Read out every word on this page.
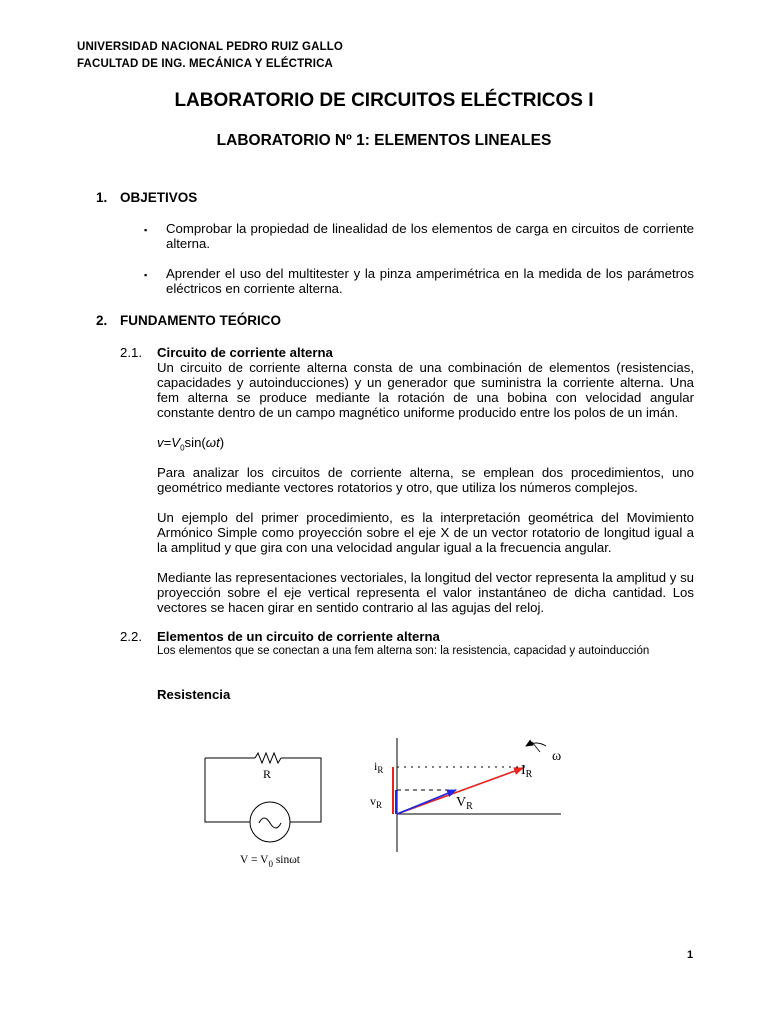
UNIVERSIDAD NACIONAL PEDRO RUIZ GALLO
FACULTAD DE ING. MECÁNICA Y ELÉCTRICA
LABORATORIO DE CIRCUITOS ELÉCTRICOS I
LABORATORIO Nº 1: ELEMENTOS LINEALES
1. OBJETIVOS
▪ Comprobar la propiedad de linealidad de los elementos de carga en circuitos de corriente alterna.
▪ Aprender el uso del multitester y la pinza amperimétrica en la medida de los parámetros eléctricos en corriente alterna.
2. FUNDAMENTO TEÓRICO
2.1. Circuito de corriente alterna
Un circuito de corriente alterna consta de una combinación de elementos (resistencias, capacidades y autoinducciones) y un generador que suministra la corriente alterna. Una fem alterna se produce mediante la rotación de una bobina con velocidad angular constante dentro de un campo magnético uniforme producido entre los polos de un imán.
$v=V_0\sin(\omega t)$
Para analizar los circuitos de corriente alterna, se emplean dos procedimientos, uno geométrico mediante vectores rotatorios y otro, que utiliza los números complejos.
Un ejemplo del primer procedimiento, es la interpretación geométrica del Movimiento Armónico Simple como proyección sobre el eje X de un vector rotatorio de longitud igual a la amplitud y que gira con una velocidad angular igual a la frecuencia angular.
Mediante las representaciones vectoriales, la longitud del vector representa la amplitud y su proyección sobre el eje vertical representa el valor instantáneo de dicha cantidad. Los vectores se hacen girar en sentido contrario al las agujas del reloj.
2.2. Elementos de un circuito de corriente alterna
Los elementos que se conectan a una fem alterna son: la resistencia, capacidad y autoinducción
Resistencia
R
$V = V_0$ sinωt
$i_R$
$v_R$
$I_R$
$V_R$
ω
1
